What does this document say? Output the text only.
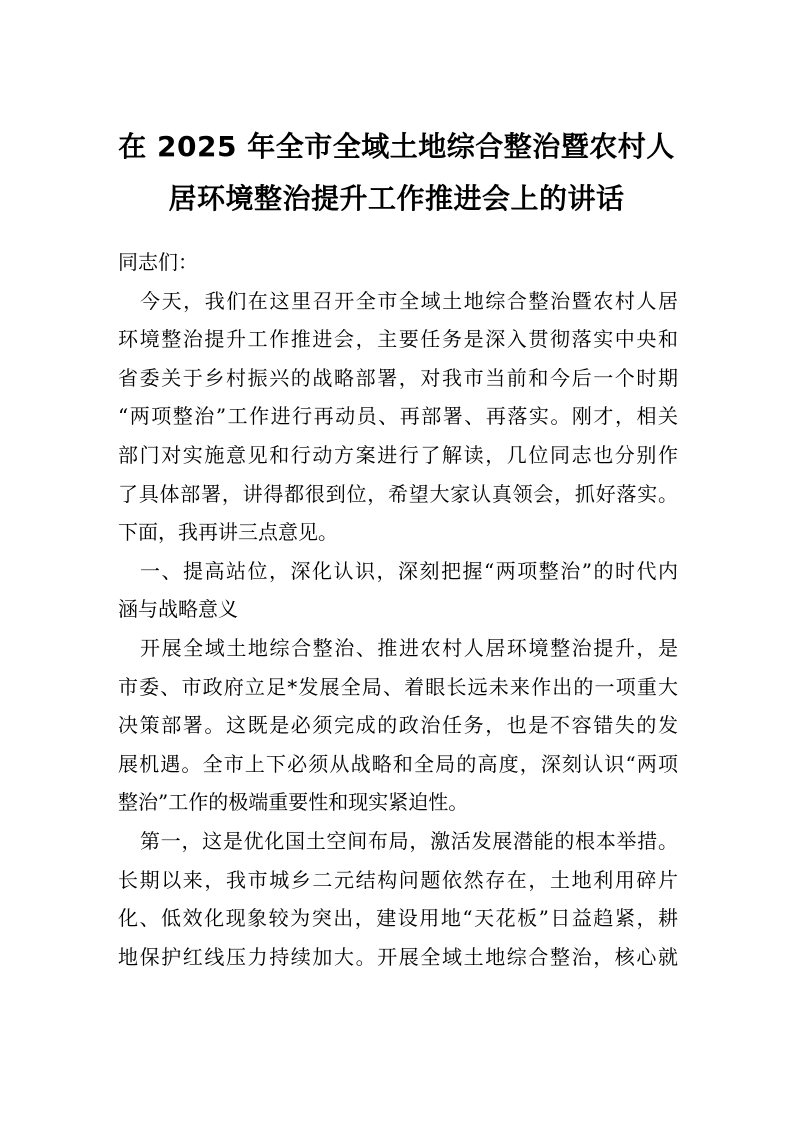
在 2025 年全市全域土地综合整治暨农村人
居环境整治提升工作推进会上的讲话
同志们：
今天，我们在这里召开全市全域土地综合整治暨农村人居
环境整治提升工作推进会，主要任务是深入贯彻落实中央和
省委关于乡村振兴的战略部署，对我市当前和今后一个时期
“两项整治”工作进行再动员、再部署、再落实。刚才，相关
部门对实施意见和行动方案进行了解读，几位同志也分别作
了具体部署，讲得都很到位，希望大家认真领会，抓好落实。
下面，我再讲三点意见。
一、提高站位，深化认识，深刻把握“两项整治”的时代内
涵与战略意义
开展全域土地综合整治、推进农村人居环境整治提升，是
市委、市政府立足*发展全局、着眼长远未来作出的一项重大
决策部署。这既是必须完成的政治任务，也是不容错失的发
展机遇。全市上下必须从战略和全局的高度，深刻认识“两项
整治”工作的极端重要性和现实紧迫性。
第一，这是优化国土空间布局，激活发展潜能的根本举措。
长期以来，我市城乡二元结构问题依然存在，土地利用碎片
化、低效化现象较为突出，建设用地“天花板”日益趋紧，耕
地保护红线压力持续加大。开展全域土地综合整治，核心就
